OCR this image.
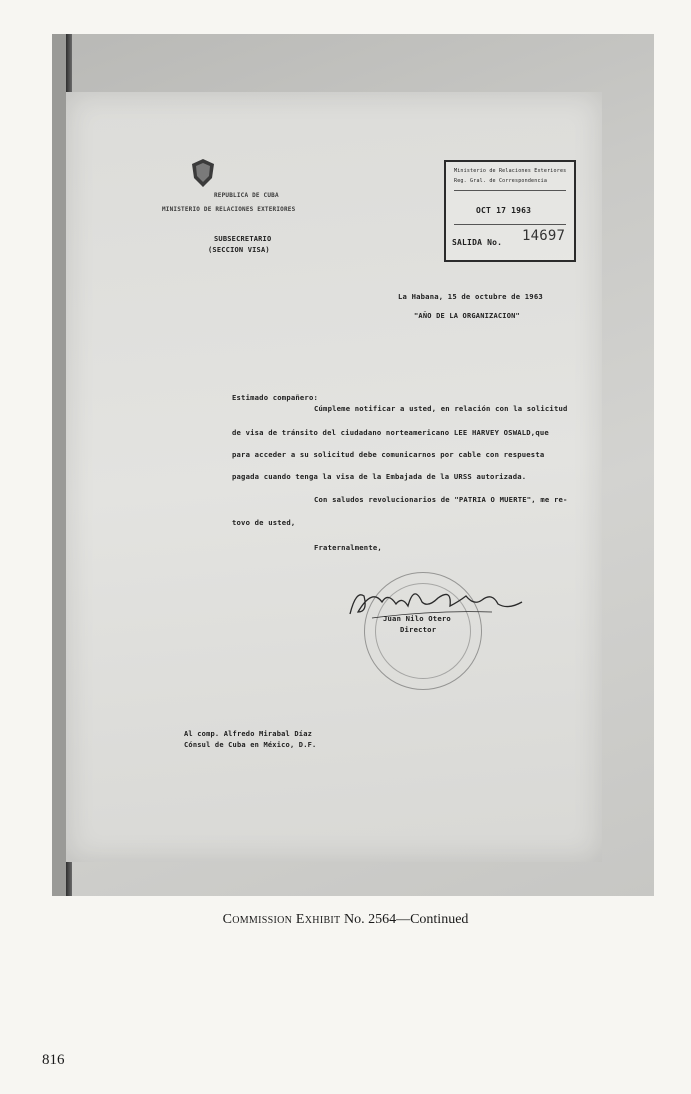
REPUBLICA DE CUBA
MINISTERIO DE RELACIONES EXTERIORES
SUBSECRETARIO
(SECCION VISA)
Ministerio de Relaciones Exteriores
Reg. Gral. de Correspondencia
OCT 17 1963
SALIDA No. 14697
La Habana, 15 de octubre de 1963
"AÑO DE LA ORGANIZACION"
Estimado compañero:
Cúmpleme notificar a usted, en relación con la solicitud
de visa de tránsito del ciudadano norteamericano LEE HARVEY OSWALD,que
para acceder a su solicitud debe comunicarnos por cable con respuesta
pagada cuando tenga la visa de la Embajada de la URSS autorizada.
Con saludos revolucionarios de "PATRIA O MUERTE", me re-
tovo de usted,
Fraternalmente,
Juan Nilo Otero
Director
Al comp. Alfredo Mirabal Díaz
Cónsul de Cuba en México, D.F.
Commission Exhibit No. 2564—Continued
816
